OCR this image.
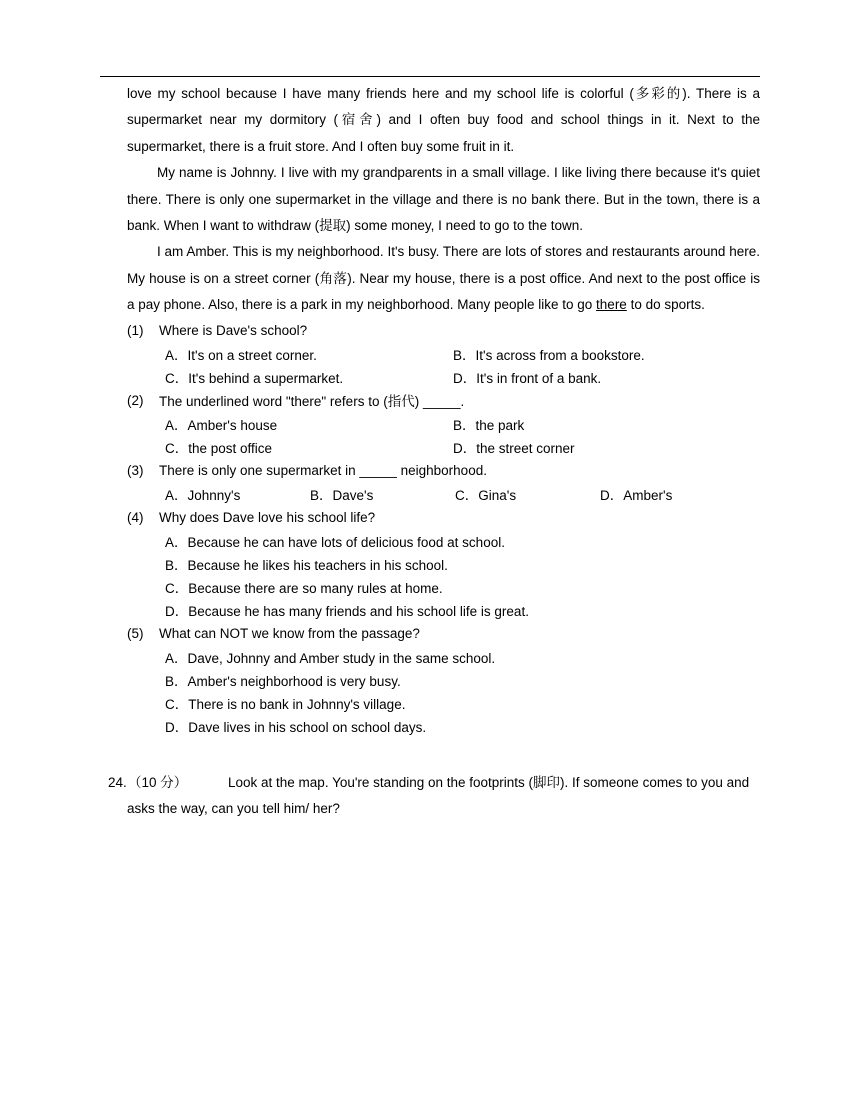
love my school because I have many friends here and my school life is colorful (多彩的). There is a supermarket near my dormitory (宿舍) and I often buy food and school things in it. Next to the supermarket, there is a fruit store. And I often buy some fruit in it.

My name is Johnny. I live with my grandparents in a small village. I like living there because it's quiet there. There is only one supermarket in the village and there is no bank there. But in the town, there is a bank. When I want to withdraw (提取) some money, I need to go to the town.

I am Amber. This is my neighborhood. It's busy. There are lots of stores and restaurants around here. My house is on a street corner (角落). Near my house, there is a post office. And next to the post office is a pay phone. Also, there is a park in my neighborhood. Many people like to go there to do sports.

(1)	Where is Dave's school?
A．It's on a street corner.	B．It's across from a bookstore.
C．It's behind a supermarket.	D．It's in front of a bank.
(2)	The underlined word "there" refers to (指代) _____.
A．Amber's house	B．the park
C．the post office	D．the street corner
(3)	There is only one supermarket in _____ neighborhood.
A．Johnny's	B．Dave's	C．Gina's	D．Amber's
(4)	Why does Dave love his school life?
A．Because he can have lots of delicious food at school.
B．Because he likes his teachers in his school.
C．Because there are so many rules at home.
D．Because he has many friends and his school life is great.
(5)	What can NOT we know from the passage?
A．Dave, Johnny and Amber study in the same school.
B．Amber's neighborhood is very busy.
C．There is no bank in Johnny's village.
D．Dave lives in his school on school days.
24. （10 分）	Look at the map. You're standing on the footprints (脚印). If someone comes to you and
asks the way, can you tell him/ her?
